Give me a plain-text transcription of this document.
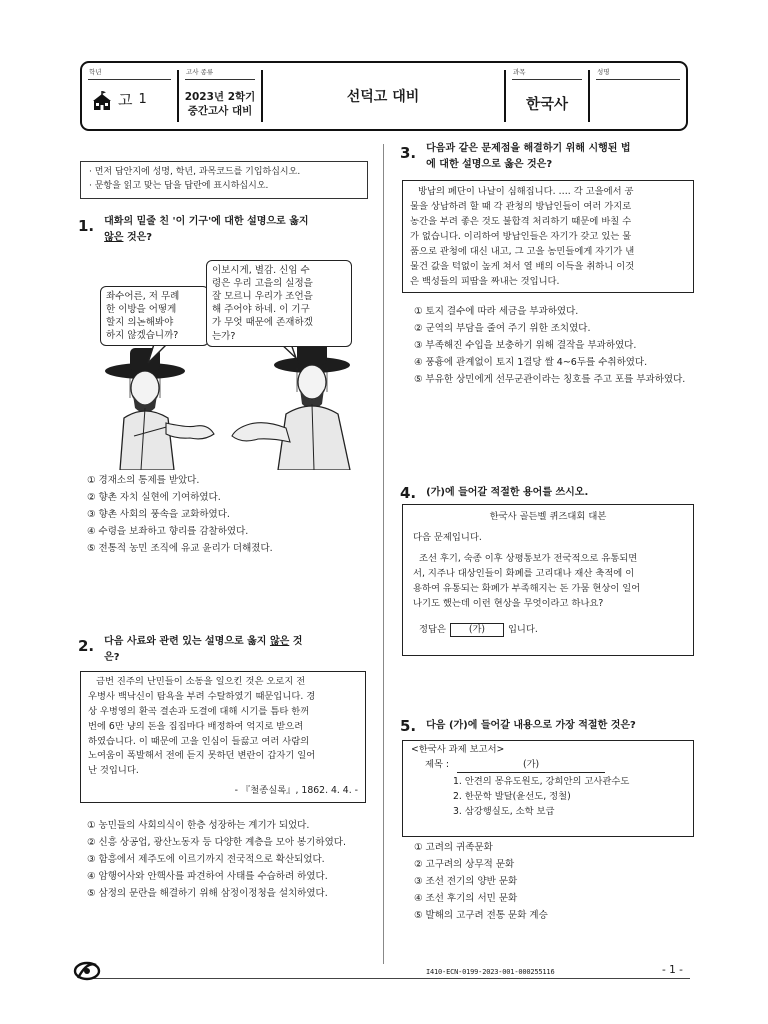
학년
고 1
고사 종류
2023년 2학기
중간고사 대비
선덕고 대비
과목
한국사
성명
· 먼저 답안지에 성명, 학년, 과목코드를 기입하십시오.
· 문항을 읽고 맞는 답을 답란에 표시하십시오.
1. 대화의 밑줄 친 '이 기구'에 대한 설명으로 옳지
않은 것은?
좌수어른, 저 무례
한 이방을 어떻게
할지 의논해봐야
하지 않겠습니까?
이보시게, 별감. 신임 수
령은 우리 고을의 실정을
잘 모르니 우리가 조언을
해 주어야 하네. 이 기구
가 무엇 때문에 존재하겠
는가?
① 경재소의 통제를 받았다.
② 향촌 자치 실현에 기여하였다.
③ 향촌 사회의 풍속을 교화하였다.
④ 수령을 보좌하고 향리를 감찰하였다.
⑤ 전통적 농민 조직에 유교 윤리가 더해졌다.
2. 다음 사료와 관련 있는 설명으로 옳지 않은 것
은?
금번 진주의 난민들이 소동을 일으킨 것은 오로지 전
우병사 백낙신이 탐욕을 부려 수탈하였기 때문입니다. 경
상 우병영의 환곡 결손과 도결에 대해 시기를 틈타 한꺼
번에 6만 냥의 돈을 집집마다 배정하여 억지로 받으려
하였습니다. 이 때문에 고을 인심이 들끓고 여러 사람의
노여움이 폭발해서 전에 듣지 못하던 변란이 갑자기 일어
난 것입니다.
- 『철종실록』, 1862. 4. 4. -
① 농민들의 사회의식이 한층 성장하는 계기가 되었다.
② 신흥 상공업, 광산노동자 등 다양한 계층을 모아 봉기하였다.
③ 함흥에서 제주도에 이르기까지 전국적으로 확산되었다.
④ 암행어사와 안핵사를 파견하여 사태를 수습하려 하였다.
⑤ 삼정의 문란을 해결하기 위해 삼정이정청을 설치하였다.
3. 다음과 같은 문제점을 해결하기 위해 시행된 법
에 대한 설명으로 옳은 것은?
방납의 폐단이 나날이 심해집니다. …. 각 고을에서 공
물을 상납하려 할 때 각 관청의 방납인들이 여러 가지로
농간을 부려 좋은 것도 불합격 처리하기 때문에 바칠 수
가 없습니다. 이리하여 방납인들은 자기가 갖고 있는 물
품으로 관청에 대신 내고, 그 고을 농민들에게 자기가 낸
물건 값을 턱없이 높게 쳐서 열 배의 이득을 취하니 이것
은 백성들의 피땀을 짜내는 것입니다.
① 토지 결수에 따라 세금을 부과하였다.
② 군역의 부담을 줄여 주기 위한 조치였다.
③ 부족해진 수입을 보충하기 위해 결작을 부과하였다.
④ 풍흉에 관계없이 토지 1결당 쌀 4~6두를 수취하였다.
⑤ 부유한 상민에게 선무군관이라는 칭호를 주고 포를 부과하였다.
4. (가)에 들어갈 적절한 용어를 쓰시오.
한국사 골든벨 퀴즈대회 대본
다음 문제입니다.
조선 후기, 숙종 이후 상평통보가 전국적으로 유통되면
서, 지주나 대상인들이 화폐를 고리대나 재산 축적에 이
용하여 유통되는 화폐가 부족해지는 돈 가뭄 현상이 일어
나기도 했는데 이런 현상을 무엇이라고 하나요?
정답은	(가)	입니다.
5. 다음 (가)에 들어갈 내용으로 가장 적절한 것은?
<한국사 과제 보고서>
제목 :	(가)
1. 안견의 몽유도원도, 강희안의 고사관수도
2. 한문학 발달(윤선도, 정철)
3. 삼강행실도, 소학 보급
① 고려의 귀족문화
② 고구려의 상무적 문화
③ 조선 전기의 양반 문화
④ 조선 후기의 서민 문화
⑤ 발해의 고구려 전통 문화 계승
I410-ECN-0199-2023-001-000255116	- 1 -
